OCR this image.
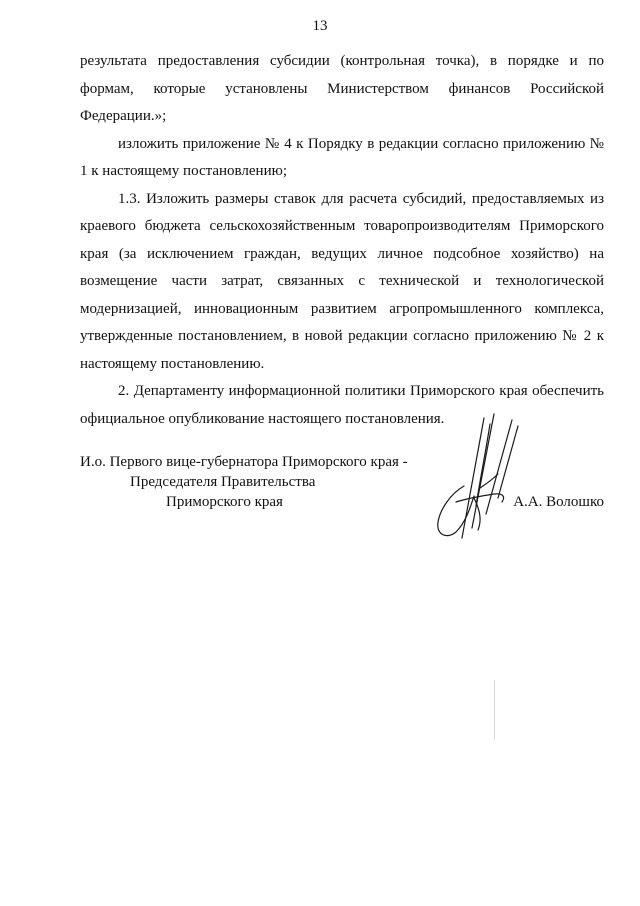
13

результата предоставления субсидии (контрольная точка), в порядке и по формам, которые установлены Министерством финансов Российской Федерации.»;

изложить приложение № 4 к Порядку в редакции согласно приложению № 1 к настоящему постановлению;

1.3. Изложить размеры ставок для расчета субсидий, предоставляемых из краевого бюджета сельскохозяйственным товаропроизводителям Приморского края (за исключением граждан, ведущих личное подсобное хозяйство) на возмещение части затрат, связанных с технической и технологической модернизацией, инновационным развитием агропромышленного комплекса, утвержденные постановлением, в новой редакции согласно приложению № 2 к настоящему постановлению.

2. Департаменту информационной политики Приморского края обеспечить официальное опубликование настоящего постановления.

И.о. Первого вице-губернатора Приморского края -
Председателя Правительства
Приморского края	А.А. Волошко
